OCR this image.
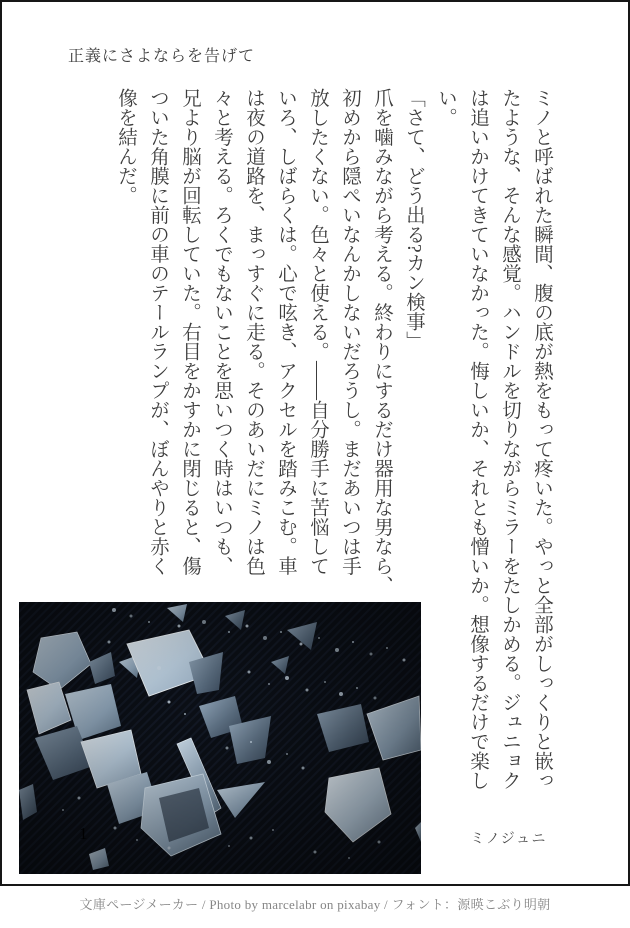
正義にさよならを告げて
ミノと呼ばれた瞬間、腹の底が熱をもって疼いた。やっと全部がしっくりと嵌っ
たような、そんな感覚。ハンドルを切りながらミラーをたしかめる。ジュニョク
は追いかけてきていなかった。悔しいか、それとも憎いか。想像するだけで楽し
い。
「さて、どう出る?カン検事」
爪を噛みながら考える。終わりにするだけ器用な男なら、
初めから隠ぺいなんかしないだろうし。まだあいつは手
放したくない。色々と使える。――自分勝手に苦悩して
いろ、しばらくは。心で呟き、アクセルを踏みこむ。車
は夜の道路を、まっすぐに走る。そのあいだにミノは色
々と考える。ろくでもないことを思いつく時はいつも、
兄より脳が回転していた。右目をかすかに閉じると、傷
ついた角膜に前の車のテールランプが、ぼんやりと赤く
像を結んだ。
1	ミノジュニ
文庫ページメーカー / Photo by marcelabr on pixabay / フォント：源暎こぶり明朝
